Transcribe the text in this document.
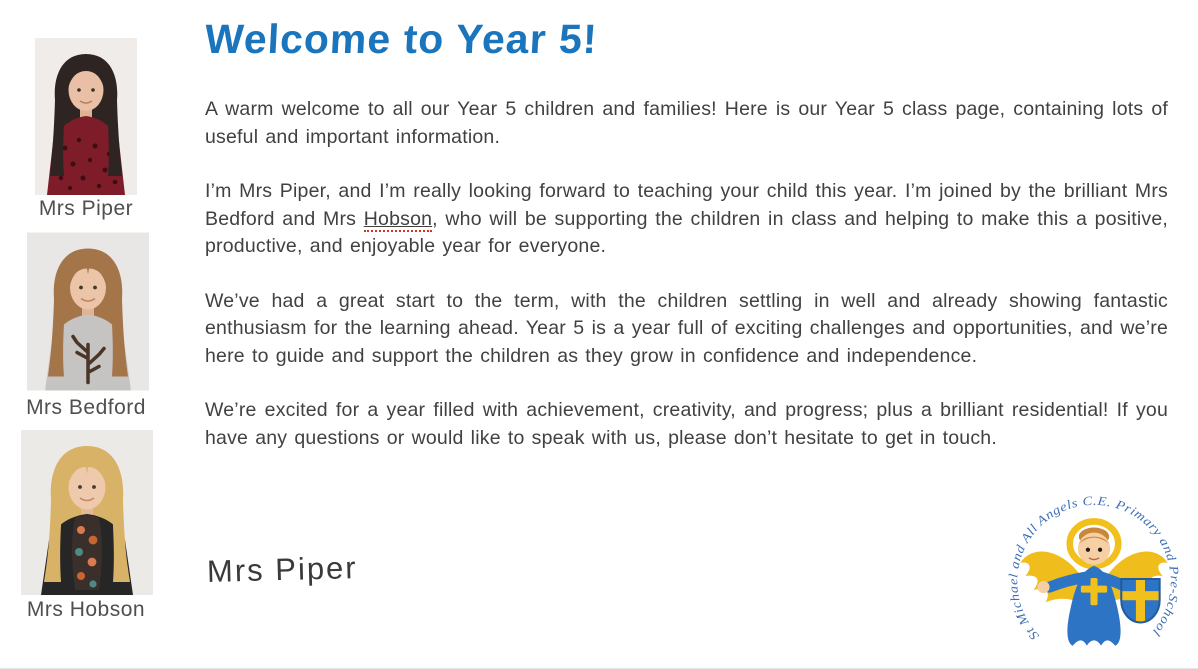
Mrs Piper
Mrs Bedford
Mrs Hobson
Welcome to Year 5!

A warm welcome to all our Year 5 children and families! Here is our Year 5 class page, containing lots of useful and important information.

I’m Mrs Piper, and I’m really looking forward to teaching your child this year. I’m joined by the brilliant Mrs Bedford and Mrs Hobson, who will be supporting the children in class and helping to make this a positive, productive, and enjoyable year for everyone.

We’ve had a great start to the term, with the children settling in well and already showing fantastic enthusiasm for the learning ahead. Year 5 is a year full of exciting challenges and opportunities, and we’re here to guide and support the children as they grow in confidence and independence.

We’re excited for a year filled with achievement, creativity, and progress; plus a brilliant residential! If you have any questions or would like to speak with us, please don’t hesitate to get in touch.

Mrs Piper
St Michael and All Angels C.E. Primary and Pre-School
